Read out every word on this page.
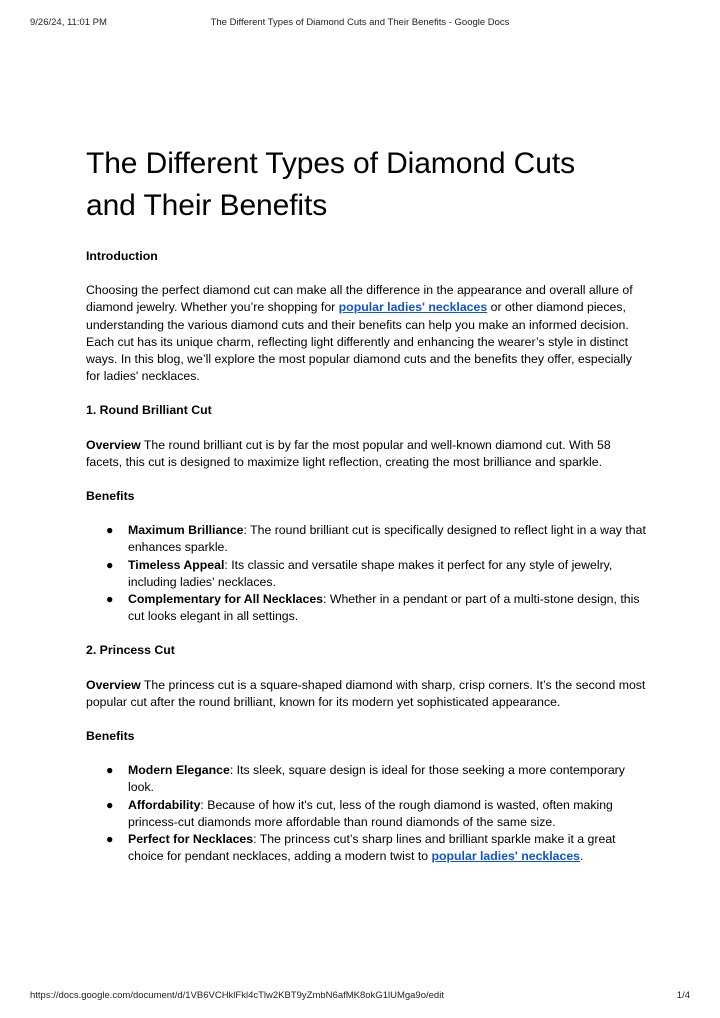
9/26/24, 11:01 PM	The Different Types of Diamond Cuts and Their Benefits - Google Docs
The Different Types of Diamond Cuts
and Their Benefits
Introduction

Choosing the perfect diamond cut can make all the difference in the appearance and overall allure of diamond jewelry. Whether you’re shopping for popular ladies' necklaces or other diamond pieces, understanding the various diamond cuts and their benefits can help you make an informed decision. Each cut has its unique charm, reflecting light differently and enhancing the wearer’s style in distinct ways. In this blog, we’ll explore the most popular diamond cuts and the benefits they offer, especially for ladies' necklaces.

1. Round Brilliant Cut

Overview The round brilliant cut is by far the most popular and well-known diamond cut. With 58 facets, this cut is designed to maximize light reflection, creating the most brilliance and sparkle.

Benefits
● Maximum Brilliance: The round brilliant cut is specifically designed to reflect light in a way that enhances sparkle.
● Timeless Appeal: Its classic and versatile shape makes it perfect for any style of jewelry, including ladies' necklaces.
● Complementary for All Necklaces: Whether in a pendant or part of a multi-stone design, this cut looks elegant in all settings.
2. Princess Cut

Overview The princess cut is a square-shaped diamond with sharp, crisp corners. It’s the second most popular cut after the round brilliant, known for its modern yet sophisticated appearance.

Benefits
● Modern Elegance: Its sleek, square design is ideal for those seeking a more contemporary look.
● Affordability: Because of how it's cut, less of the rough diamond is wasted, often making princess-cut diamonds more affordable than round diamonds of the same size.
● Perfect for Necklaces: The princess cut’s sharp lines and brilliant sparkle make it a great choice for pendant necklaces, adding a modern twist to popular ladies' necklaces.
https://docs.google.com/document/d/1VB6VCHklFkl4cTlw2KBT9yZmbN6afMK8okG1lUMga9o/edit	1/4
